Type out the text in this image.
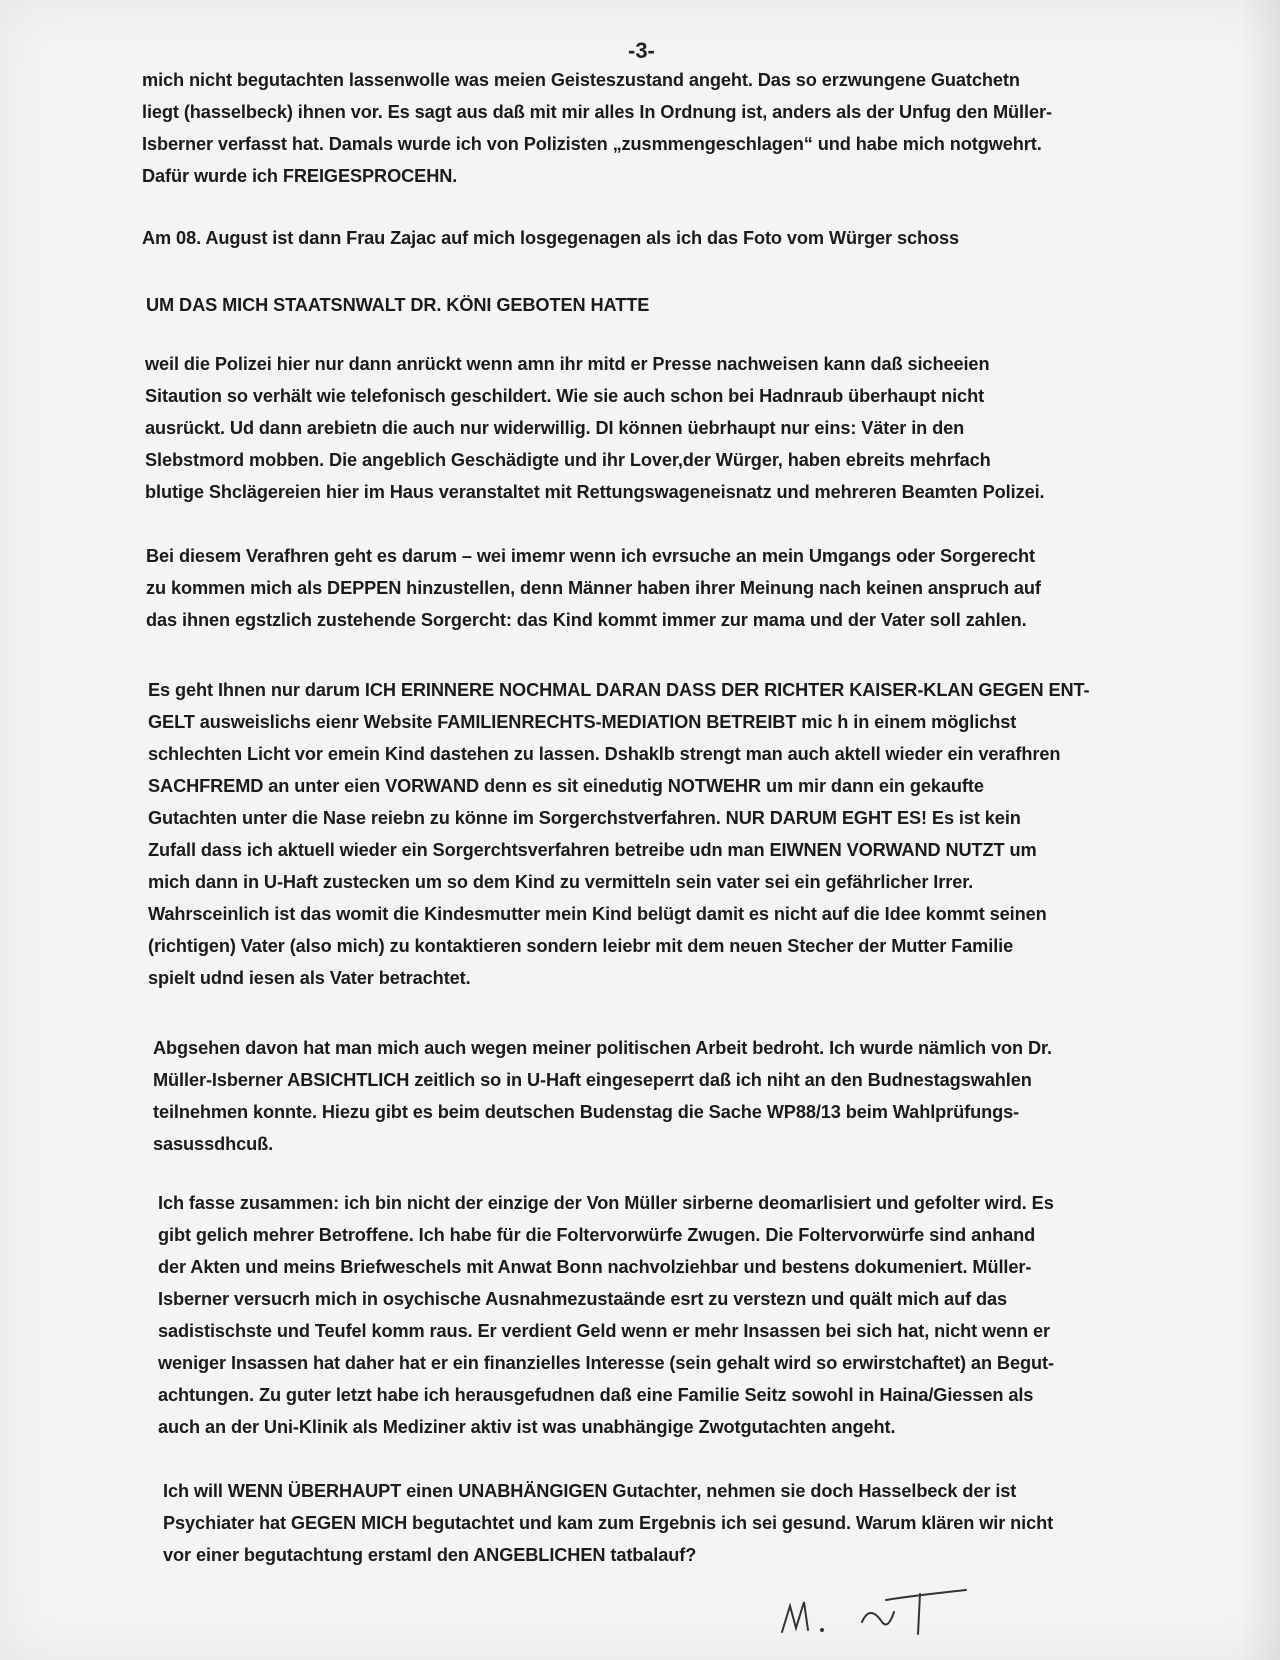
-3-
mich nicht begutachten lassenwolle was meien Geisteszustand angeht. Das so erzwungene Guatchetn
liegt (hasselbeck) ihnen vor. Es sagt aus daß mit mir alles In Ordnung ist, anders als der Unfug den Müller-
Isberner verfasst hat. Damals wurde ich von Polizisten „zusmmengeschlagen“ und habe mich notgwehrt.
Dafür wurde ich FREIGESPROCEHN.
Am 08. August ist dann Frau Zajac auf mich losgegenagen als ich das Foto vom Würger schoss
UM DAS MICH STAATSNWALT DR. KÖNI GEBOTEN HATTE
weil die Polizei hier nur dann anrückt wenn amn ihr mitd er Presse nachweisen kann daß sicheeien
Sitaution so verhält wie telefonisch geschildert. Wie sie auch schon bei Hadnraub überhaupt nicht
ausrückt. Ud dann arebietn die auch nur widerwillig. DI können üebrhaupt nur eins: Väter in den
Slebstmord mobben. Die angeblich Geschädigte und ihr Lover,der Würger, haben ebreits mehrfach
blutige Shclägereien hier im Haus veranstaltet mit Rettungswageneisnatz und mehreren Beamten Polizei.
Bei diesem Verafhren geht es darum – wei imemr wenn ich evrsuche an mein Umgangs oder Sorgerecht
zu kommen mich als DEPPEN hinzustellen, denn Männer haben ihrer Meinung nach keinen anspruch auf
das ihnen egstzlich zustehende Sorgercht: das Kind kommt immer zur mama und der Vater soll zahlen.
Es geht Ihnen nur darum ICH ERINNERE NOCHMAL DARAN DASS DER RICHTER KAISER-KLAN GEGEN ENT-
GELT ausweislichs eienr Website FAMILIENRECHTS-MEDIATION BETREIBT mic h in einem möglichst
schlechten Licht vor emein Kind dastehen zu lassen. Dshaklb strengt man auch aktell wieder ein verafhren
SACHFREMD an unter eien VORWAND denn es sit einedutig NOTWEHR um mir dann ein gekaufte
Gutachten unter die Nase reiebn zu könne im Sorgerchstverfahren. NUR DARUM EGHT ES! Es ist kein
Zufall dass ich aktuell wieder ein Sorgerchtsverfahren betreibe udn man EIWNEN VORWAND NUTZT um
mich dann in U-Haft zustecken um so dem Kind zu vermitteln sein vater sei ein gefährlicher Irrer.
Wahrsceinlich ist das womit die Kindesmutter mein Kind belügt damit es nicht auf die Idee kommt seinen
(richtigen) Vater (also mich) zu kontaktieren sondern leiebr mit dem neuen Stecher der Mutter Familie
spielt udnd iesen als Vater betrachtet.
Abgsehen davon hat man mich auch wegen meiner politischen Arbeit bedroht. Ich wurde nämlich von Dr.
Müller-Isberner ABSICHTLICH zeitlich so in U-Haft eingeseperrt daß ich niht an den Budnestagswahlen
teilnehmen konnte. Hiezu gibt es beim deutschen Budenstag die Sache WP88/13 beim Wahlprüfungs-
sasussdhcuß.
Ich fasse zusammen: ich bin nicht der einzige der Von Müller sirberne deomarlisiert und gefolter wird. Es
gibt gelich mehrer Betroffene. Ich habe für die Foltervorwürfe Zwugen. Die Foltervorwürfe sind anhand
der Akten und meins Briefweschels mit Anwat Bonn nachvolziehbar und bestens dokumeniert. Müller-
Isberner versucrh mich in osychische Ausnahmezustaände esrt zu verstezn und quält mich auf das
sadistischste und Teufel komm raus. Er verdient Geld wenn er mehr Insassen bei sich hat, nicht wenn er
weniger Insassen hat daher hat er ein finanzielles Interesse (sein gehalt wird so erwirstchaftet) an Begut-
achtungen. Zu guter letzt habe ich herausgefudnen daß eine Familie Seitz sowohl in Haina/Giessen als
auch an der Uni-Klinik als Mediziner aktiv ist was unabhängige Zwotgutachten angeht.
Ich will WENN ÜBERHAUPT einen UNABHÄNGIGEN Gutachter, nehmen sie doch Hasselbeck der ist
Psychiater hat GEGEN MICH begutachtet und kam zum Ergebnis ich sei gesund. Warum klären wir nicht
vor einer begutachtung erstaml den ANGEBLICHEN tatbalauf?
